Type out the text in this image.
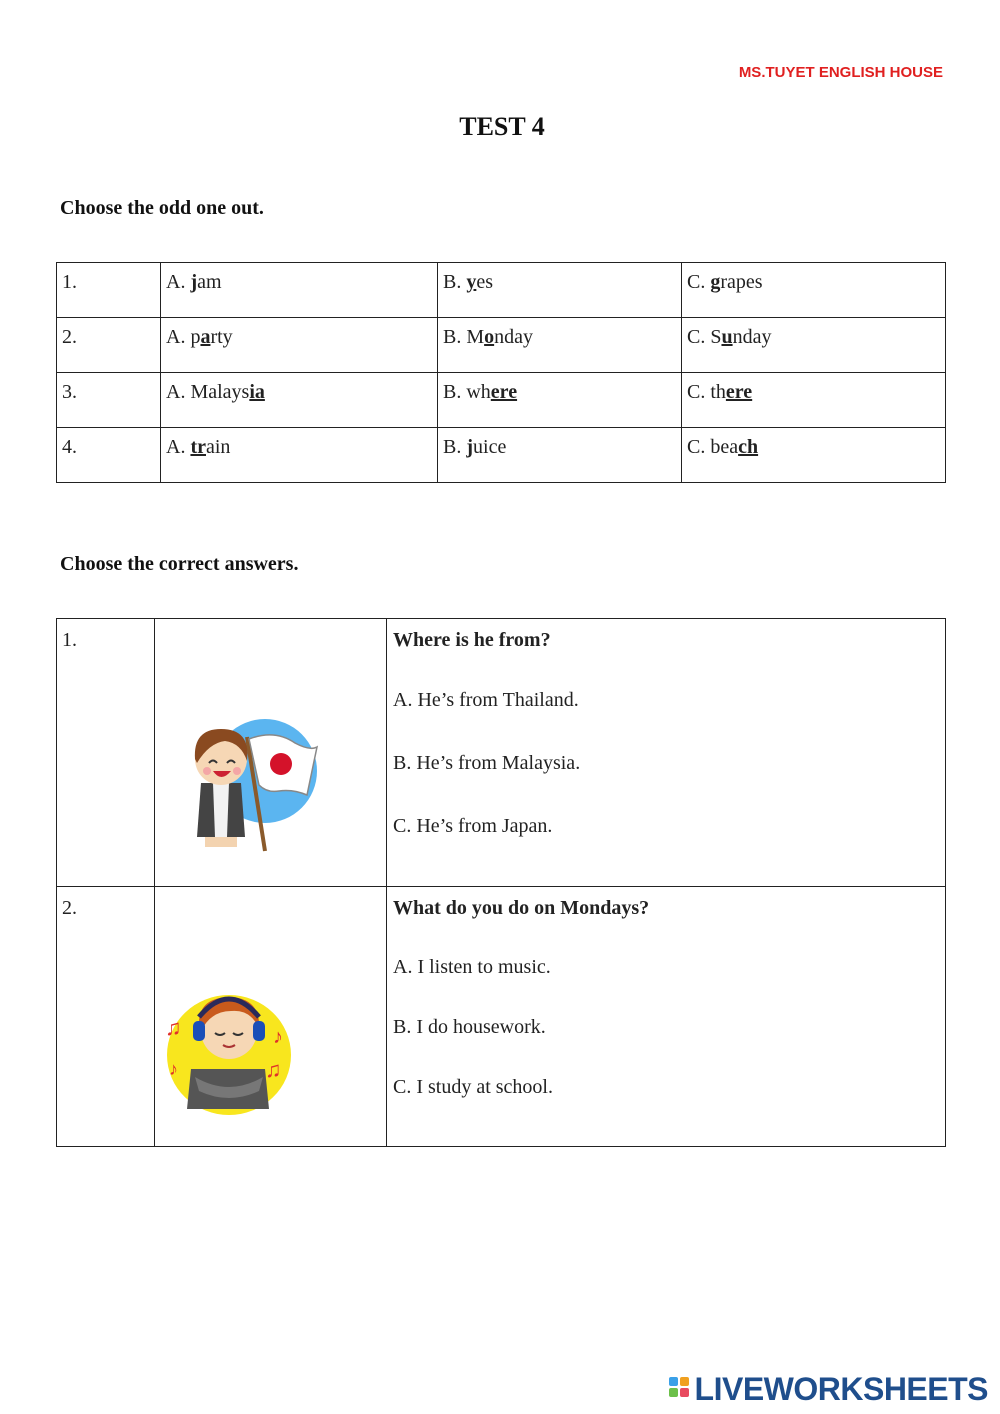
MS.TUYET ENGLISH HOUSE
TEST 4
Choose the odd one out.
1.	A. jam	B. yes	C. grapes
2.	A. party	B. Monday	C. Sunday
3.	A. Malaysia	B. where	C. there
4.	A. train	B. juice	C. beach
Choose the correct answers.
1.		Where is he from?
A. He’s from Thailand.
B. He’s from Malaysia.
C. He’s from Japan.

2.	♫ ♪
♫
♪	What do you do on Mondays?
A. I listen to music.
B. I do housework.
C. I study at school.
LIVEWORKSHEETS
